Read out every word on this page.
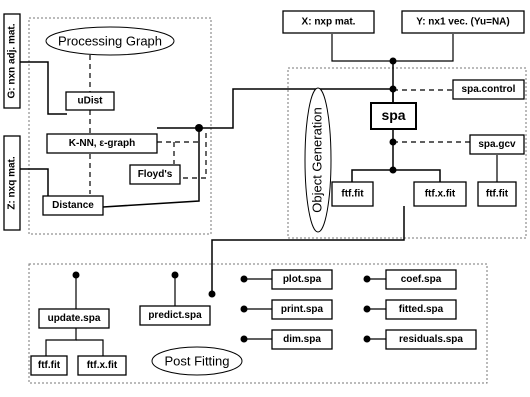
G: nxn adj. mat.
Z: nxq mat.
X: nxp mat.	Y: nx1 vec. (Yu=NA)
Processing Graph
uDist
K-NN, ε-graph
Floyd's
Distance	Object Generation
spa.control
spa
spa.gcv
ftf.fit	ftf.x.fit	ftf.fit
update.spa	predict.spa
ftf.fit	ftf.x.fit	Post Fitting
plot.spa
print.spa
dim.spa
coef.spa
fitted.spa
residuals.spa
